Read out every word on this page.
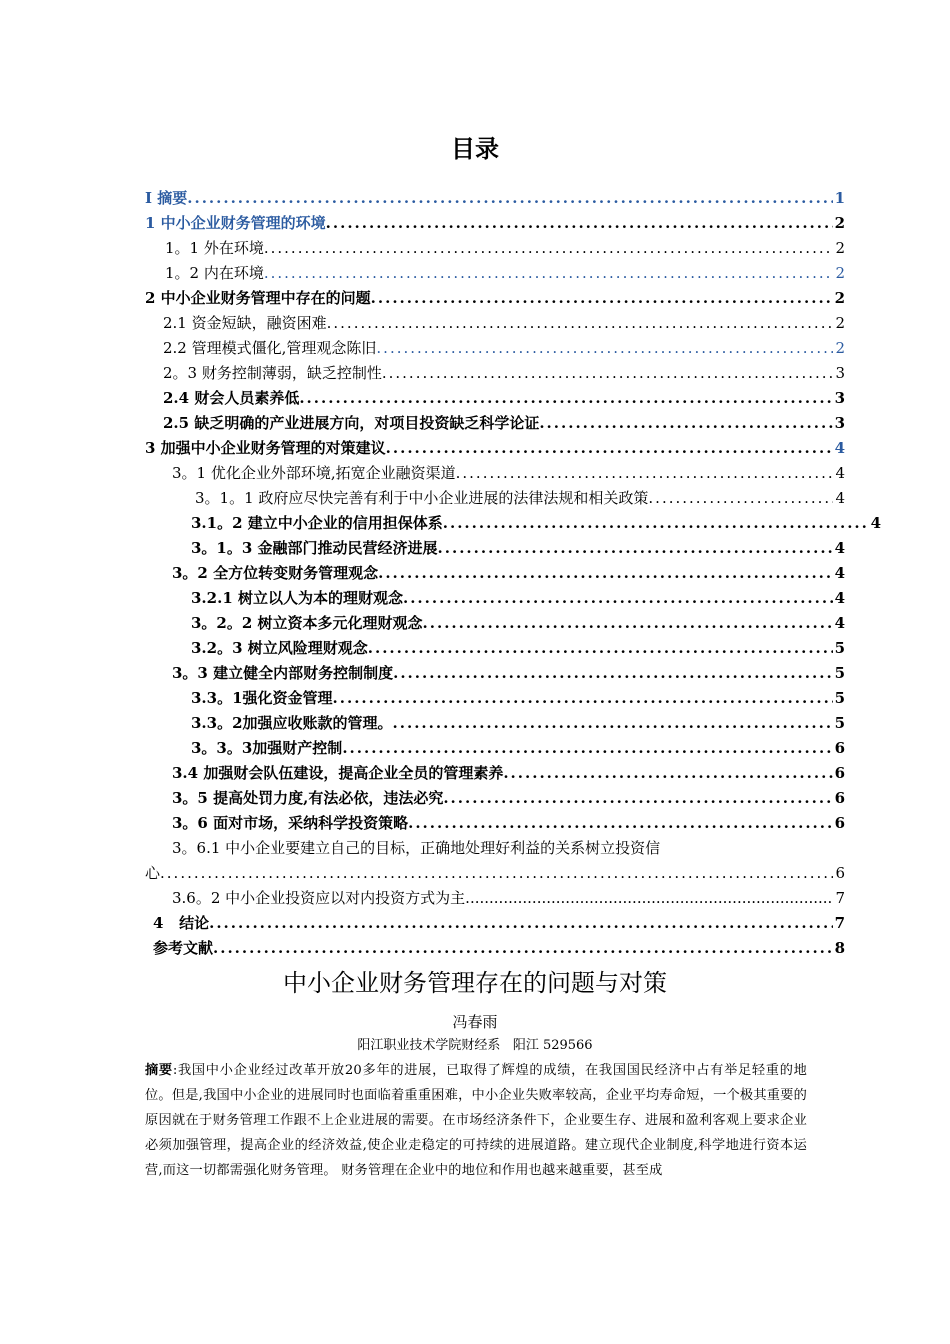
目录
I 摘要 .....	1
1 中小企业财务管理的环境 .....	2
1。1 外在环境 .....	2
1。2 内在环境 .....	2
2 中小企业财务管理中存在的问题 .....	2
2.1 资金短缺，融资困难 .....	2
2.2 管理模式僵化,管理观念陈旧 .....	2
2。3 财务控制薄弱，缺乏控制性 .....	3
2.4 财会人员素养低 .....	3
2.5 缺乏明确的产业进展方向，对项目投资缺乏科学论证 .....	3
3 加强中小企业财务管理的对策建议 .....	4
3。1 优化企业外部环境,拓宽企业融资渠道 .....	4
3。1。1 政府应尽快完善有利于中小企业进展的法律法规和相关政策 .....	4
3.1。2 建立中小企业的信用担保体系 .....	4
3。1。3 金融部门推动民营经济进展 .....	4
3。2 全方位转变财务管理观念 .....	4
3.2.1 树立以人为本的理财观念 .....	4
3。2。2 树立资本多元化理财观念 .....	4
3.2。3 树立风险理财观念 .....	5
3。3 建立健全内部财务控制制度 .....	5
3.3。1强化资金管理 .....	5
3.3。2加强应收账款的管理。 .....	5
3。3。3加强财产控制 .....	6
3.4 加强财会队伍建设，提高企业全员的管理素养 .....	6
3。5 提高处罚力度,有法必依，违法必究 .....	6
3。6 面对市场，采纳科学投资策略 .....	6
3。6.1 中小企业要建立自己的目标，正确地处理好利益的关系树立投资信
心 .....	6
3.6。2 中小企业投资应以对内投资方式为主 .....	7
4   结论 .....	7
参考文献 .....	8
中小企业财务管理存在的问题与对策
冯春雨
阳江职业技术学院财经系   阳江 529566
摘要:我国中小企业经过改革开放20多年的进展，已取得了辉煌的成绩，在我国国民经济中占有举足轻重的地位。但是,我国中小企业的进展同时也面临着重重困难，中小企业失败率较高，企业平均寿命短，一个极其重要的原因就在于财务管理工作跟不上企业进展的需要。在市场经济条件下，企业要生存、进展和盈利客观上要求企业必须加强管理，提高企业的经济效益,使企业走稳定的可持续的进展道路。建立现代企业制度,科学地进行资本运营,而这一切都需强化财务管理。 财务管理在企业中的地位和作用也越来越重要，甚至成
